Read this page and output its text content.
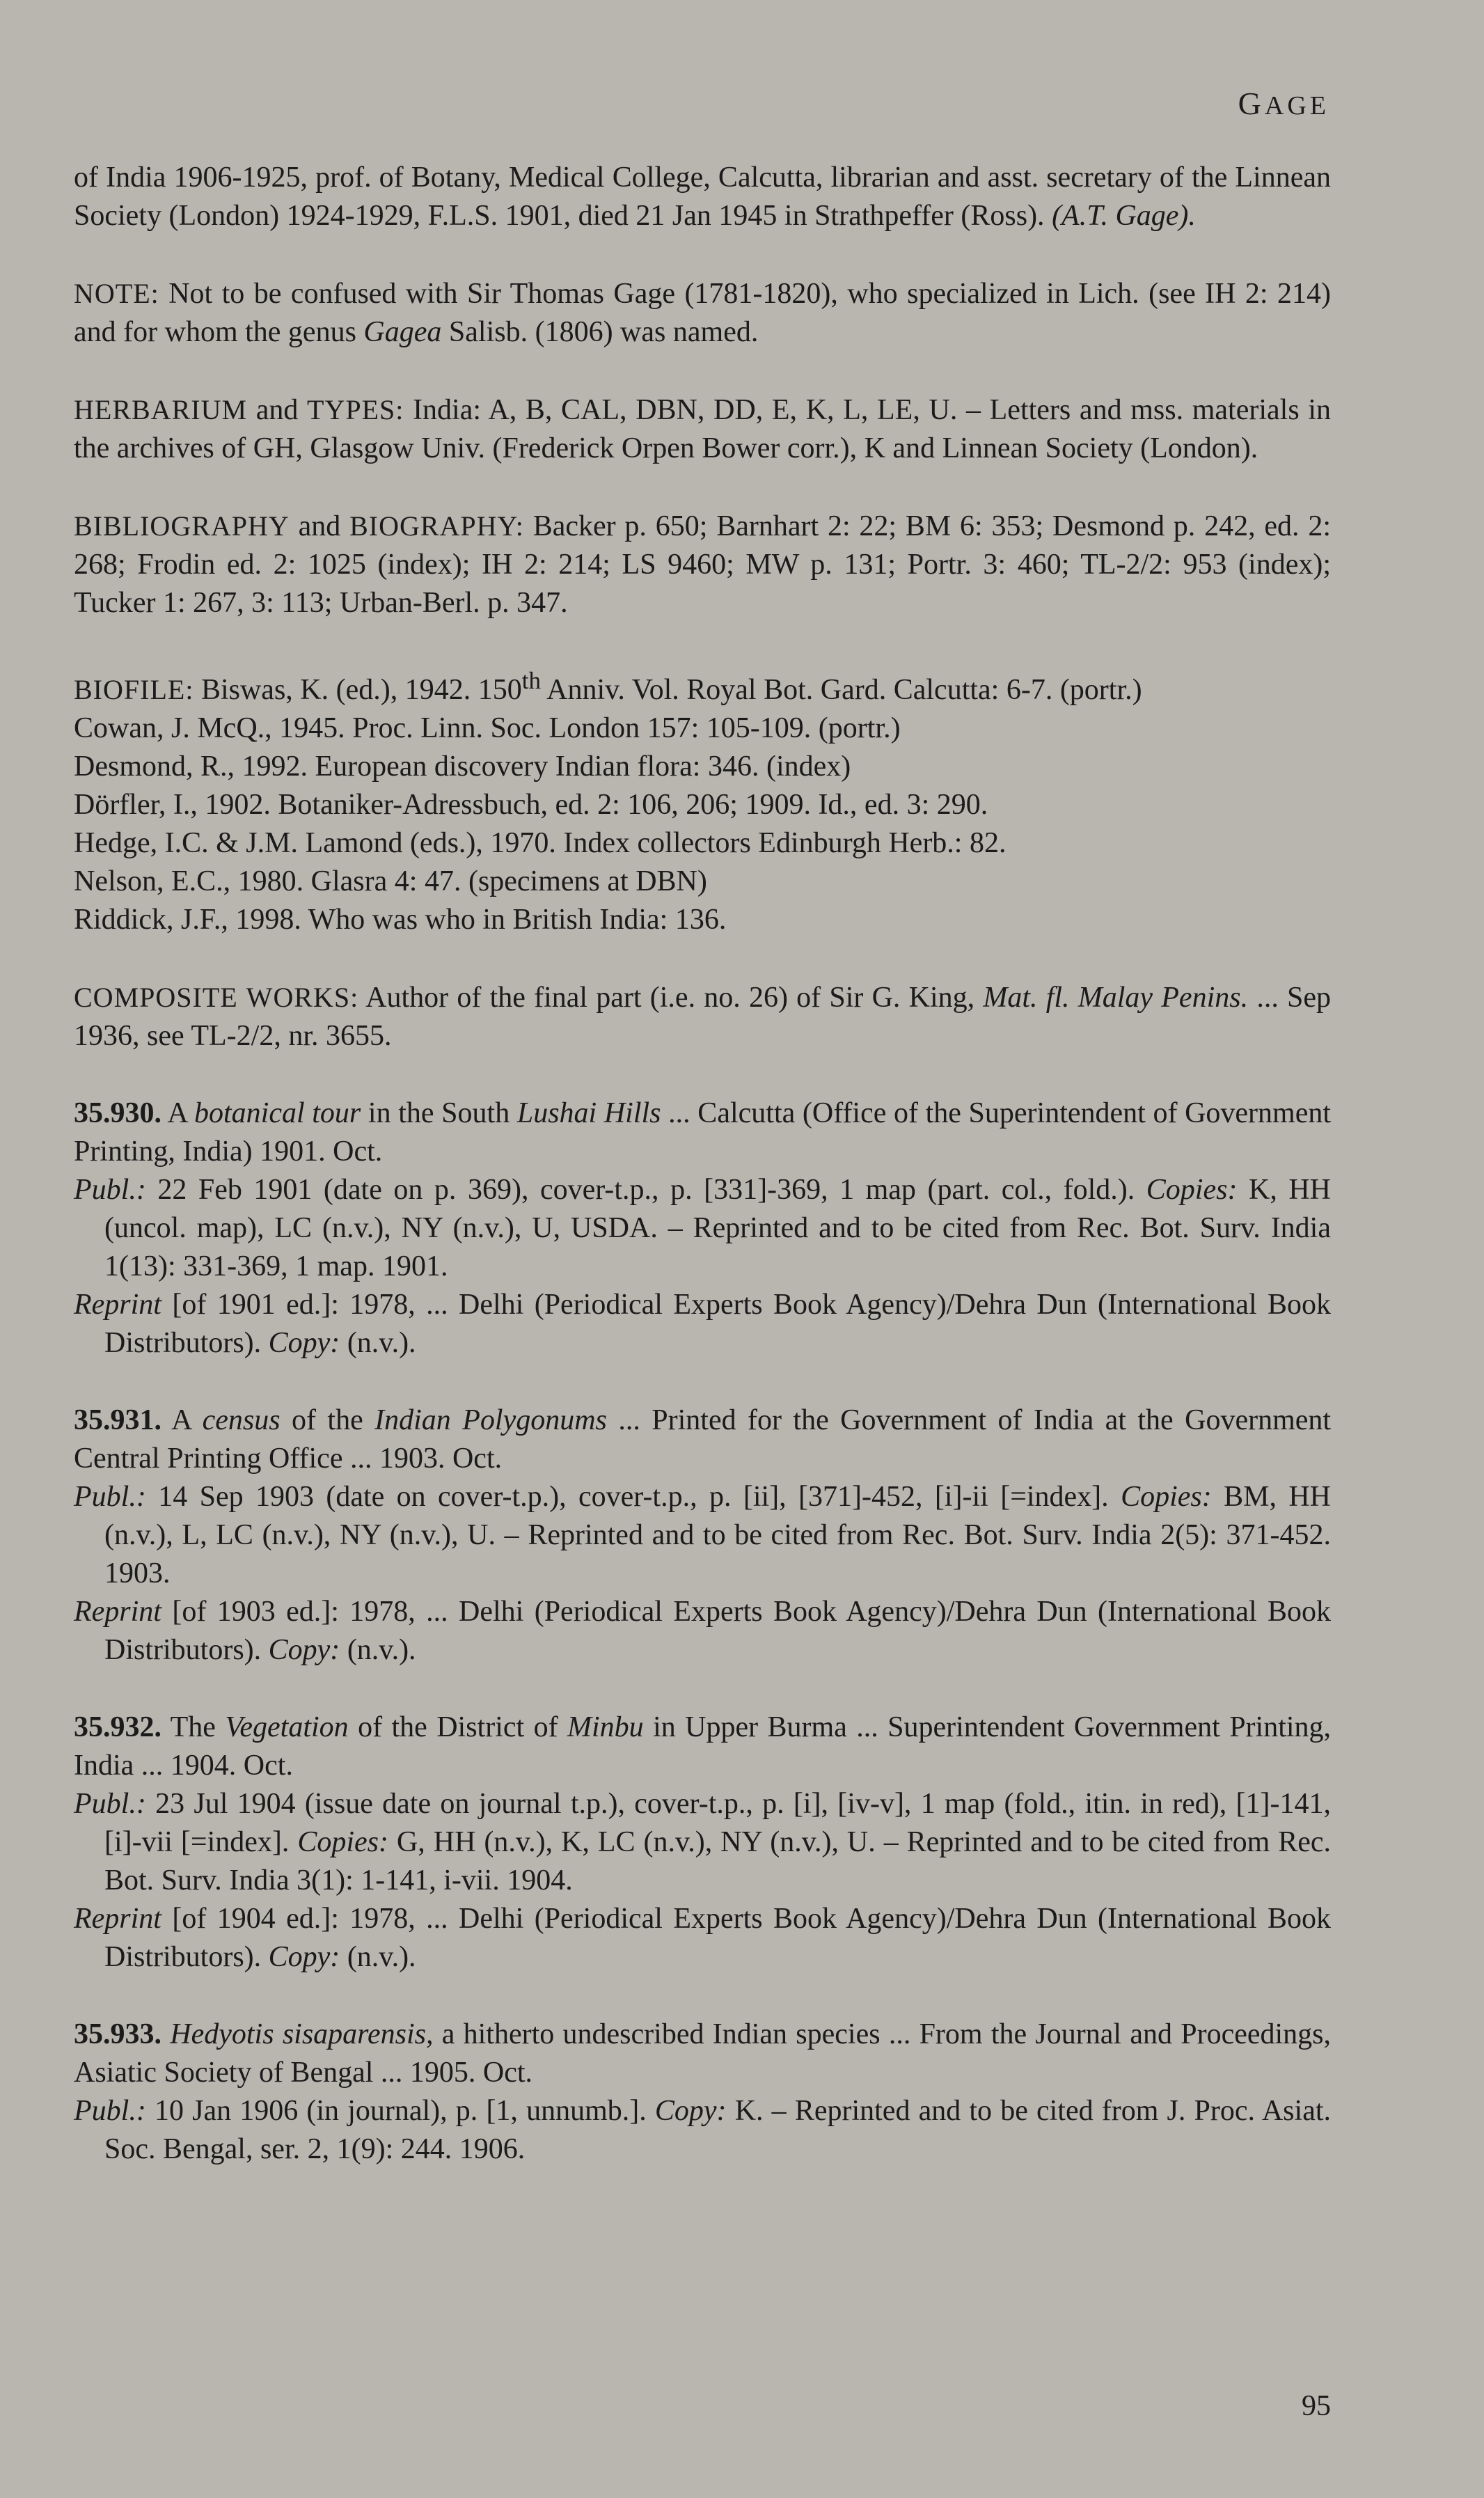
GAGE

of India 1906-1925, prof. of Botany, Medical College, Calcutta, librarian and asst. secretary of the Linnean Society (London) 1924-1929, F.L.S. 1901, died 21 Jan 1945 in Strathpeffer (Ross). (A.T. Gage).

NOTE: Not to be confused with Sir Thomas Gage (1781-1820), who specialized in Lich. (see IH 2: 214) and for whom the genus Gagea Salisb. (1806) was named.

HERBARIUM and TYPES: India: A, B, CAL, DBN, DD, E, K, L, LE, U. – Letters and mss. materials in the archives of GH, Glasgow Univ. (Frederick Orpen Bower corr.), K and Linnean Society (London).

BIBLIOGRAPHY and BIOGRAPHY: Backer p. 650; Barnhart 2: 22; BM 6: 353; Desmond p. 242, ed. 2: 268; Frodin ed. 2: 1025 (index); IH 2: 214; LS 9460; MW p. 131; Portr. 3: 460; TL-2/2: 953 (index); Tucker 1: 267, 3: 113; Urban-Berl. p. 347.

BIOFILE: Biswas, K. (ed.), 1942. 150th Anniv. Vol. Royal Bot. Gard. Calcutta: 6-7. (portr.)

Cowan, J. McQ., 1945. Proc. Linn. Soc. London 157: 105-109. (portr.)

Desmond, R., 1992. European discovery Indian flora: 346. (index)

Dörfler, I., 1902. Botaniker-Adressbuch, ed. 2: 106, 206; 1909. Id., ed. 3: 290.

Hedge, I.C. & J.M. Lamond (eds.), 1970. Index collectors Edinburgh Herb.: 82.

Nelson, E.C., 1980. Glasra 4: 47. (specimens at DBN)

Riddick, J.F., 1998. Who was who in British India: 136.

COMPOSITE WORKS: Author of the final part (i.e. no. 26) of Sir G. King, Mat. fl. Malay Penins. ... Sep 1936, see TL-2/2, nr. 3655.

35.930. A botanical tour in the South Lushai Hills ... Calcutta (Office of the Superintendent of Government Printing, India) 1901. Oct.

Publ.: 22 Feb 1901 (date on p. 369), cover-t.p., p. [331]-369, 1 map (part. col., fold.). Copies: K, HH (uncol. map), LC (n.v.), NY (n.v.), U, USDA. – Reprinted and to be cited from Rec. Bot. Surv. India 1(13): 331-369, 1 map. 1901.

Reprint [of 1901 ed.]: 1978, ... Delhi (Periodical Experts Book Agency)/Dehra Dun (International Book Distributors). Copy: (n.v.).

35.931. A census of the Indian Polygonums ... Printed for the Government of India at the Government Central Printing Office ... 1903. Oct.

Publ.: 14 Sep 1903 (date on cover-t.p.), cover-t.p., p. [ii], [371]-452, [i]-ii [=index]. Copies: BM, HH (n.v.), L, LC (n.v.), NY (n.v.), U. – Reprinted and to be cited from Rec. Bot. Surv. India 2(5): 371-452. 1903.

Reprint [of 1903 ed.]: 1978, ... Delhi (Periodical Experts Book Agency)/Dehra Dun (International Book Distributors). Copy: (n.v.).

35.932. The Vegetation of the District of Minbu in Upper Burma ... Superintendent Government Printing, India ... 1904. Oct.

Publ.: 23 Jul 1904 (issue date on journal t.p.), cover-t.p., p. [i], [iv-v], 1 map (fold., itin. in red), [1]-141, [i]-vii [=index]. Copies: G, HH (n.v.), K, LC (n.v.), NY (n.v.), U. – Reprinted and to be cited from Rec. Bot. Surv. India 3(1): 1-141, i-vii. 1904.

Reprint [of 1904 ed.]: 1978, ... Delhi (Periodical Experts Book Agency)/Dehra Dun (International Book Distributors). Copy: (n.v.).

35.933. Hedyotis sisaparensis, a hitherto undescribed Indian species ... From the Journal and Proceedings, Asiatic Society of Bengal ... 1905. Oct.

Publ.: 10 Jan 1906 (in journal), p. [1, unnumb.]. Copy: K. – Reprinted and to be cited from J. Proc. Asiat. Soc. Bengal, ser. 2, 1(9): 244. 1906.

95
